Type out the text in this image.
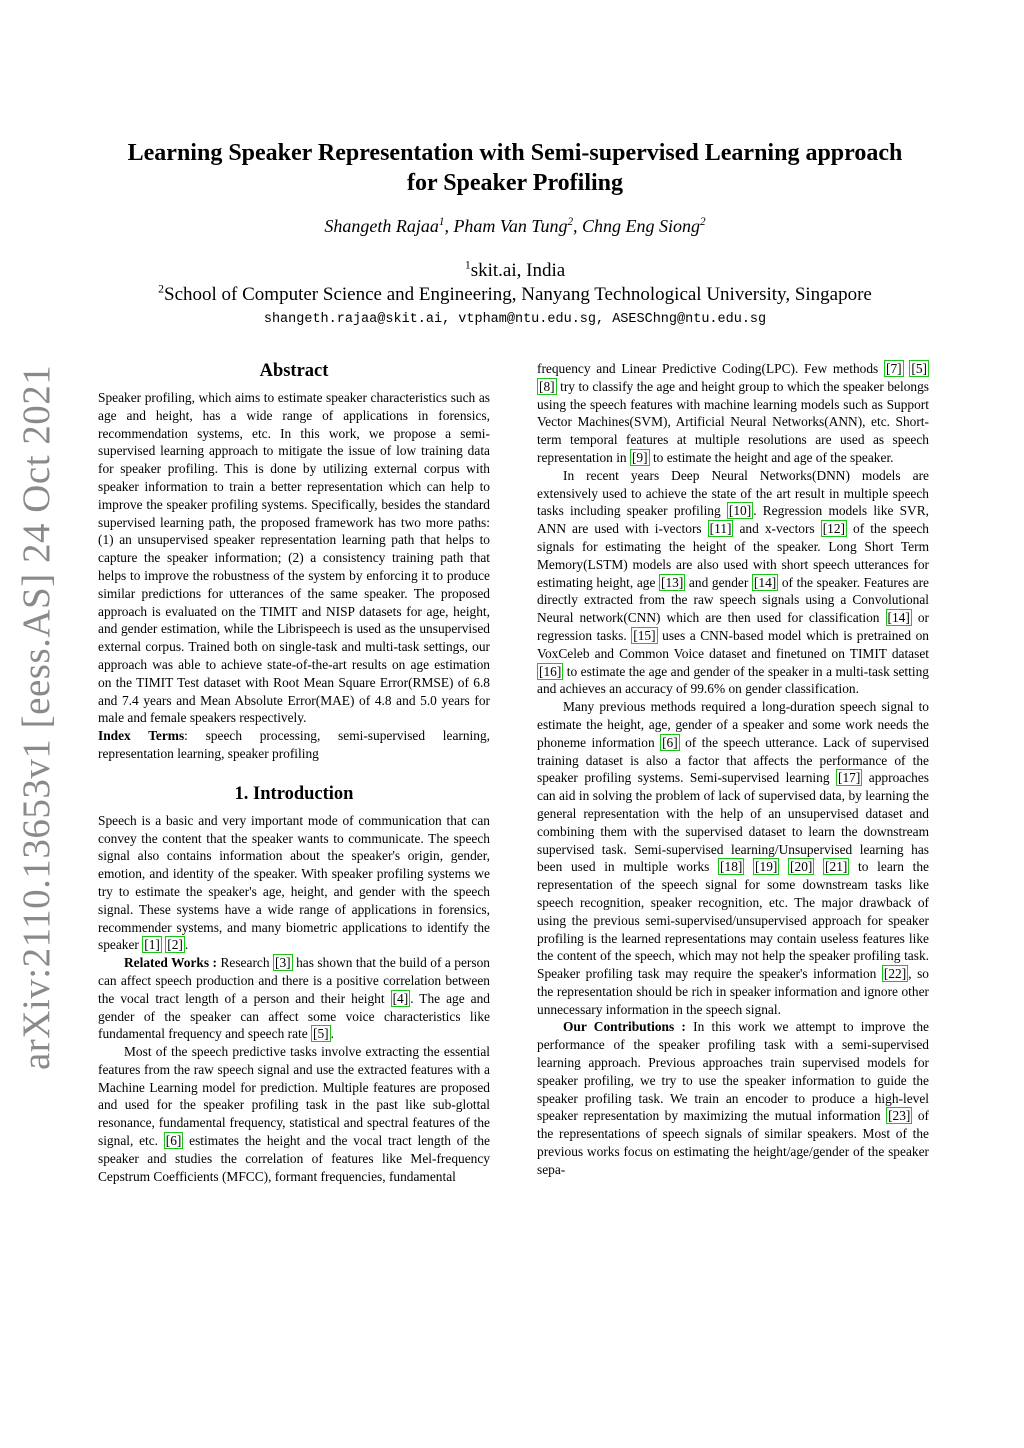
arXiv:2110.13653v1 [eess.AS] 24 Oct 2021
Learning Speaker Representation with Semi-supervised Learning approach
for Speaker Profiling
Shangeth Rajaa$^1$, Pham Van Tung$^2$, Chng Eng Siong$^2$
$^1$skit.ai, India
$^2$School of Computer Science and Engineering, Nanyang Technological University, Singapore
shangeth.rajaa@skit.ai, vtpham@ntu.edu.sg, ASESChng@ntu.edu.sg
Abstract

Speaker profiling, which aims to estimate speaker characteristics such as age and height, has a wide range of applications in forensics, recommendation systems, etc. In this work, we propose a semi-supervised learning approach to mitigate the issue of low training data for speaker profiling. This is done by utilizing external corpus with speaker information to train a better representation which can help to improve the speaker profiling systems. Specifically, besides the standard supervised learning path, the proposed framework has two more paths: (1) an unsupervised speaker representation learning path that helps to capture the speaker information; (2) a consistency training path that helps to improve the robustness of the system by enforcing it to produce similar predictions for utterances of the same speaker. The proposed approach is evaluated on the TIMIT and NISP datasets for age, height, and gender estimation, while the Librispeech is used as the unsupervised external corpus. Trained both on single-task and multi-task settings, our approach was able to achieve state-of-the-art results on age estimation on the TIMIT Test dataset with Root Mean Square Error(RMSE) of 6.8 and 7.4 years and Mean Absolute Error(MAE) of 4.8 and 5.0 years for male and female speakers respectively.

Index Terms: speech processing, semi-supervised learning, representation learning, speaker profiling

1. Introduction

Speech is a basic and very important mode of communication that can convey the content that the speaker wants to communicate. The speech signal also contains information about the speaker's origin, gender, emotion, and identity of the speaker. With speaker profiling systems we try to estimate the speaker's age, height, and gender with the speech signal. These systems have a wide range of applications in forensics, recommender systems, and many biometric applications to identify the speaker [1] [2] .

Related Works : Research [3] has shown that the build of a person can affect speech production and there is a positive correlation between the vocal tract length of a person and their height [4] . The age and gender of the speaker can affect some voice characteristics like fundamental frequency and speech rate [5] .

Most of the speech predictive tasks involve extracting the essential features from the raw speech signal and use the extracted features with a Machine Learning model for prediction. Multiple features are proposed and used for the speaker profiling task in the past like sub-glottal resonance, fundamental frequency, statistical and spectral features of the signal, etc. [6] estimates the height and the vocal tract length of the speaker and studies the correlation of features like Mel-frequency Cepstrum Coefficients (MFCC), formant frequencies, fundamental

frequency and Linear Predictive Coding(LPC). Few methods [7] [5] [8] try to classify the age and height group to which the speaker belongs using the speech features with machine learning models such as Support Vector Machines(SVM), Artificial Neural Networks(ANN), etc. Short-term temporal features at multiple resolutions are used as speech representation in [9] to estimate the height and age of the speaker.

In recent years Deep Neural Networks(DNN) models are extensively used to achieve the state of the art result in multiple speech tasks including speaker profiling [10] . Regression models like SVR, ANN are used with i-vectors [11] and x-vectors [12] of the speech signals for estimating the height of the speaker. Long Short Term Memory(LSTM) models are also used with short speech utterances for estimating height, age [13] and gender [14] of the speaker. Features are directly extracted from the raw speech signals using a Convolutional Neural network(CNN) which are then used for classification [14] or regression tasks. [15] uses a CNN-based model which is pretrained on VoxCeleb and Common Voice dataset and finetuned on TIMIT dataset [16] to estimate the age and gender of the speaker in a multi-task setting and achieves an accuracy of 99.6% on gender classification.

Many previous methods required a long-duration speech signal to estimate the height, age, gender of a speaker and some work needs the phoneme information [6] of the speech utterance. Lack of supervised training dataset is also a factor that affects the performance of the speaker profiling systems. Semi-supervised learning [17] approaches can aid in solving the problem of lack of supervised data, by learning the general representation with the help of an unsupervised dataset and combining them with the supervised dataset to learn the downstream supervised task. Semi-supervised learning/Unsupervised learning has been used in multiple works [18] [19] [20] [21] to learn the representation of the speech signal for some downstream tasks like speech recognition, speaker recognition, etc. The major drawback of using the previous semi-supervised/unsupervised approach for speaker profiling is the learned representations may contain useless features like the content of the speech, which may not help the speaker profiling task. Speaker profiling task may require the speaker's information [22] , so the representation should be rich in speaker information and ignore other unnecessary information in the speech signal.

Our Contributions : In this work we attempt to improve the performance of the speaker profiling task with a semi-supervised learning approach. Previous approaches train supervised models for speaker profiling, we try to use the speaker information to guide the speaker profiling task. We train an encoder to produce a high-level speaker representation by maximizing the mutual information [23] of the representations of speech signals of similar speakers. Most of the previous works focus on estimating the height/age/gender of the speaker sepa-
